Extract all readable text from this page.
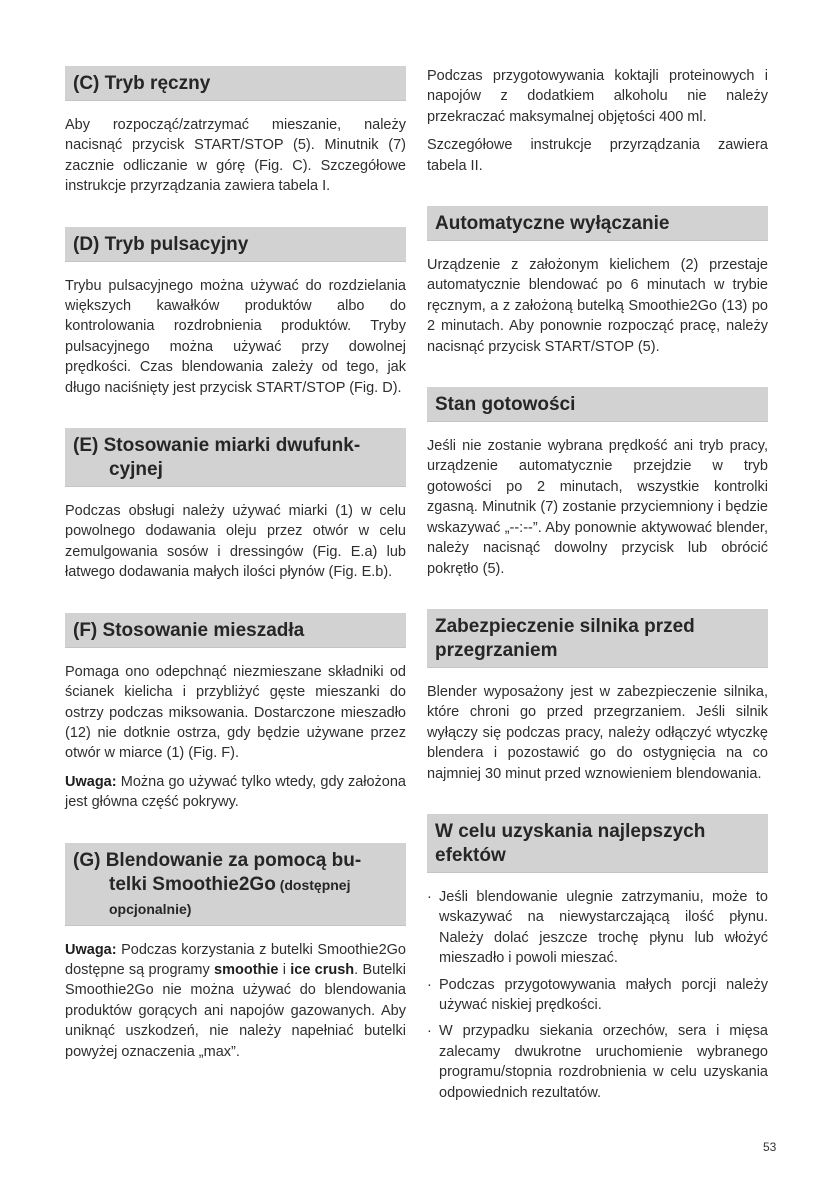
(C) Tryb ręczny

Aby rozpocząć/zatrzymać mieszanie, należy nacisnąć przycisk START/STOP (5). Minutnik (7) zacznie odliczanie w górę (Fig. C). Szczegółowe instrukcje przyrządzania zawiera tabela I.

(D) Tryb pulsacyjny

Trybu pulsacyjnego można używać do rozdzielania większych kawałków produktów albo do kontrolowania rozdrobnienia produktów. Tryby pulsacyjnego można używać przy dowolnej prędkości. Czas blendowania zależy od tego, jak długo naciśnięty jest przycisk START/STOP (Fig. D).

(E) Stosowanie miarki dwufunk-
cyjnej

Podczas obsługi należy używać miarki (1) w celu powolnego dodawania oleju przez otwór w celu zemulgowania sosów i dressingów (Fig. E.a) lub łatwego dodawania małych ilości płynów (Fig. E.b).

(F) Stosowanie mieszadła

Pomaga ono odepchnąć niezmieszane składniki od ścianek kielicha i przybliżyć gęste mieszanki do ostrzy podczas miksowania. Dostarczone mieszadło (12) nie dotknie ostrza, gdy będzie używane przez otwór w miarce (1) (Fig. F).

Uwaga: Można go używać tylko wtedy, gdy założona jest główna część pokrywy.

(G) Blendowanie za pomocą bu-
telki Smoothie2Go (dostępnej
opcjonalnie)

Uwaga: Podczas korzystania z butelki Smoothie2Go dostępne są programy smoothie i ice crush. Butelki Smoothie2Go nie można używać do blendowania produktów gorących ani napojów gazowanych. Aby uniknąć uszkodzeń, nie należy napełniać butelki powyżej oznaczenia „max”.

Podczas przygotowywania koktajli proteinowych i napojów z dodatkiem alkoholu nie należy przekraczać maksymalnej objętości 400 ml.

Szczegółowe instrukcje przyrządzania zawiera tabela II.

Automatyczne wyłączanie

Urządzenie z założonym kielichem (2) przestaje automatycznie blendować po 6 minutach w trybie ręcznym, a z założoną butelką Smoothie2Go (13) po 2 minutach. Aby ponownie rozpocząć pracę, należy nacisnąć przycisk START/STOP (5).

Stan gotowości

Jeśli nie zostanie wybrana prędkość ani tryb pracy, urządzenie automatycznie przejdzie w tryb gotowości po 2 minutach, wszystkie kontrolki zgasną. Minutnik (7) zostanie przyciemniony i będzie wskazywać „--:--”. Aby ponownie aktywować blender, należy nacisnąć dowolny przycisk lub obrócić pokrętło (5).

Zabezpieczenie silnika przed
przegrzaniem

Blender wyposażony jest w zabezpieczenie silnika, które chroni go przed przegrzaniem. Jeśli silnik wyłączy się podczas pracy, należy odłączyć wtyczkę blendera i pozostawić go do ostygnięcia na co najmniej 30 minut przed wznowieniem blendowania.

W celu uzyskania najlepszych
efektów
· Jeśli blendowanie ulegnie zatrzymaniu, może to wskazywać na niewystarczającą ilość płynu. Należy dolać jeszcze trochę płynu lub włożyć mieszadło i powoli mieszać.
· Podczas przygotowywania małych porcji należy używać niskiej prędkości.
· W przypadku siekania orzechów, sera i mięsa zalecamy dwukrotne uruchomienie wybranego programu/stopnia rozdrobnienia w celu uzyskania odpowiednich rezultatów.
53
